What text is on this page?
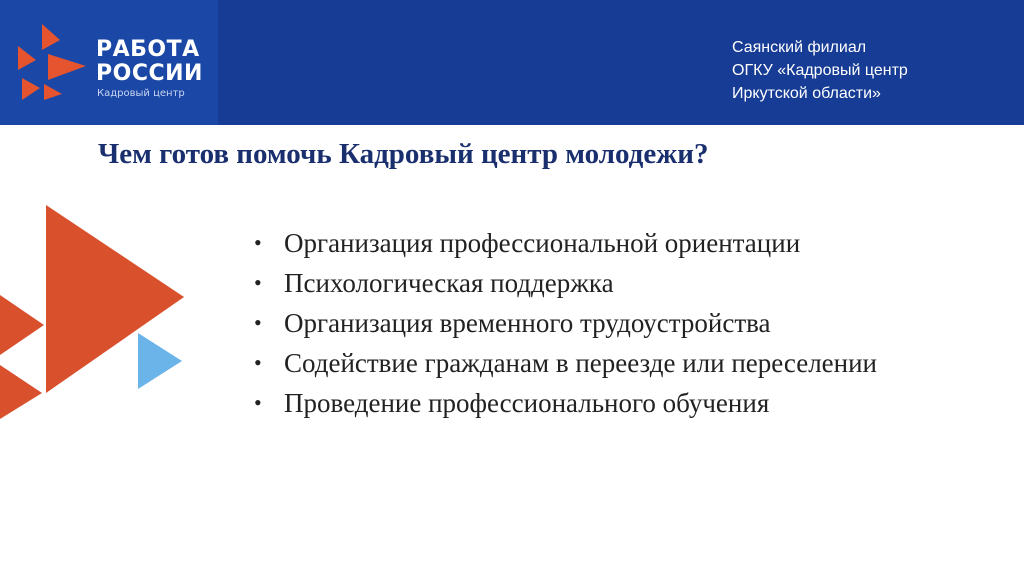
РАБОТА
РОССИИ
Кадровый центр
Саянский филиал
ОГКУ «Кадровый центр
Иркутской области»
Чем готов помочь Кадровый центр молодежи?
• Организация профессиональной ориентации
• Психологическая поддержка
• Организация временного трудоустройства
• Содействие гражданам в переезде или переселении
• Проведение профессионального обучения
